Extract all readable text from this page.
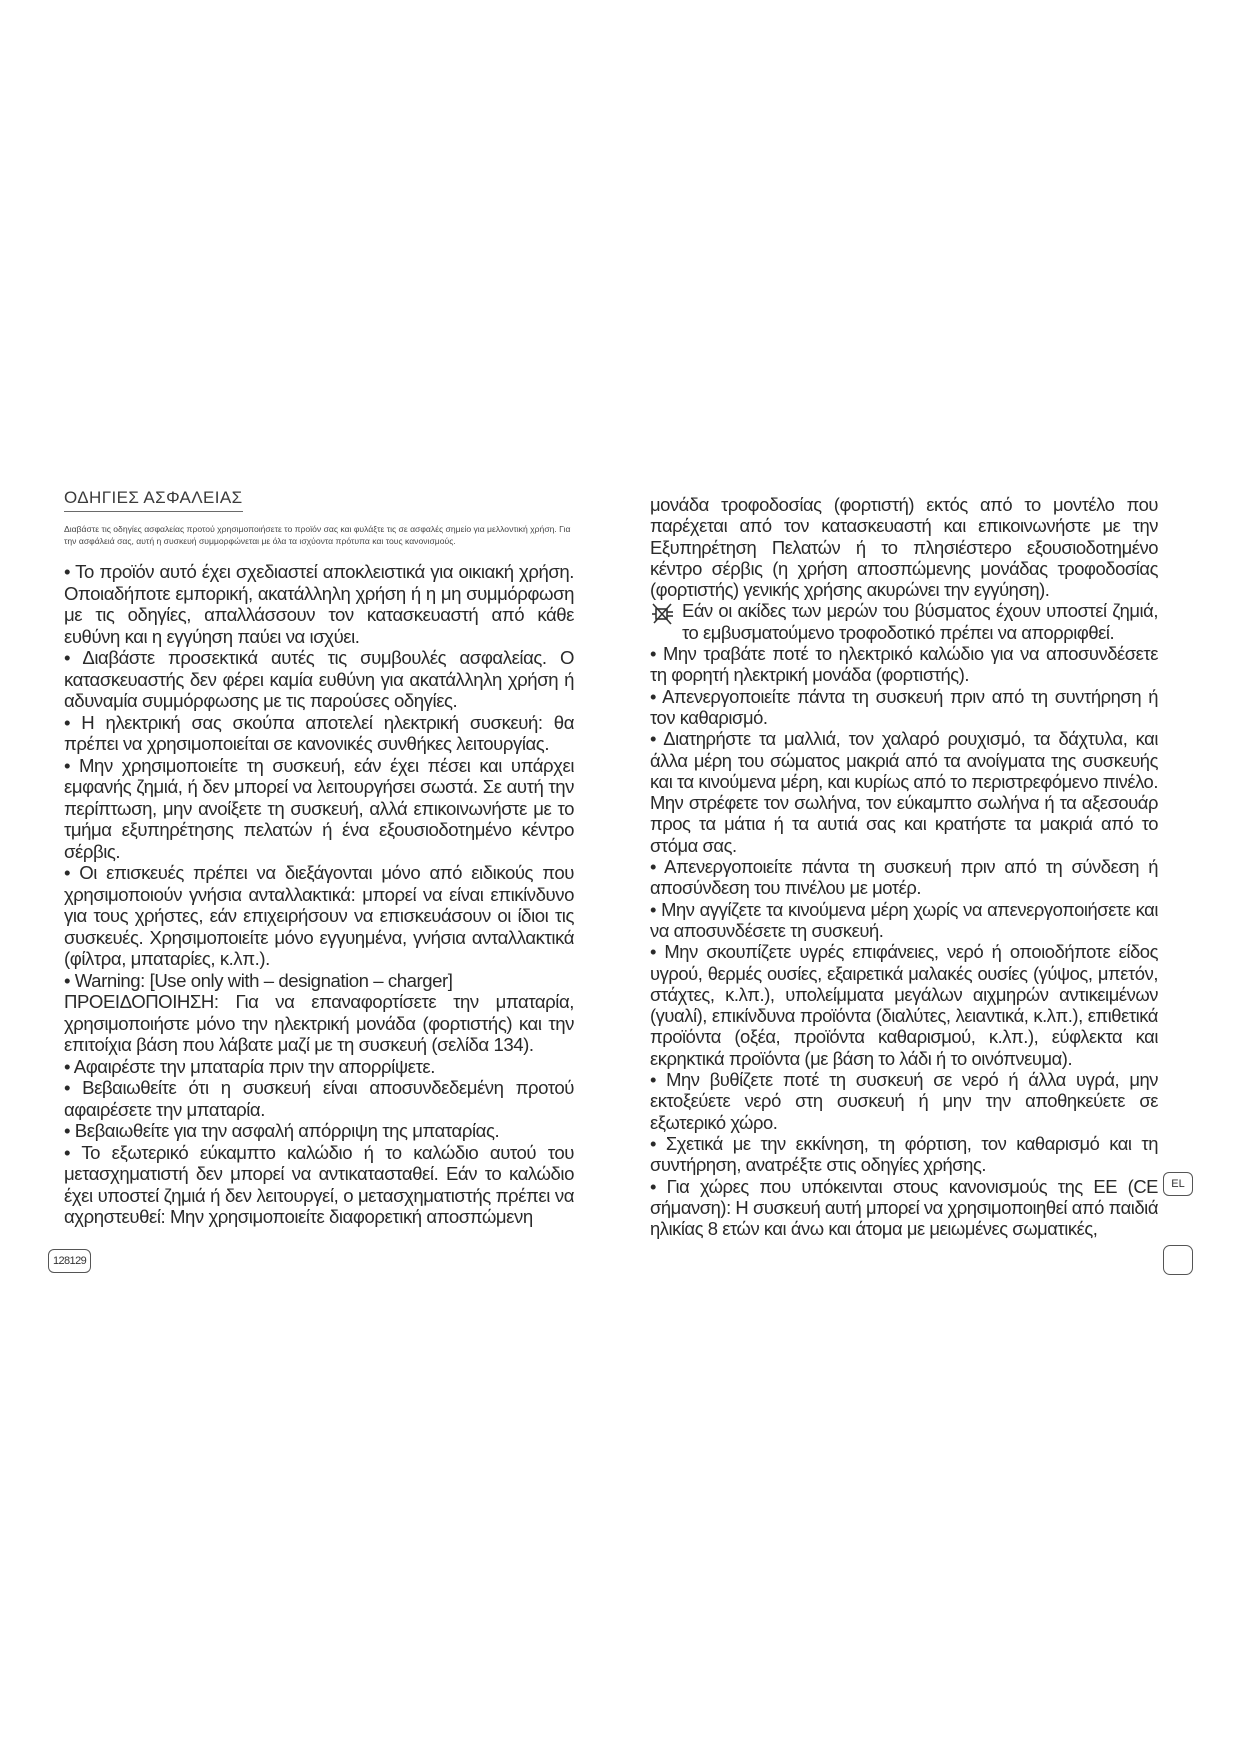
ΟΔΗΓΙΕΣ ΑΣΦΑΛΕΙΑΣ

Διαβάστε τις οδηγίες ασφαλείας προτού χρησιμοποιήσετε το προϊόν σας και φυλάξτε τις σε ασφαλές σημείο για μελλοντική χρήση. Για την ασφάλειά σας, αυτή η συσκευή συμμορφώνεται με όλα τα ισχύοντα πρότυπα και τους κανονισμούς.

• Το προϊόν αυτό έχει σχεδιαστεί αποκλειστικά για οικιακή χρήση. Οποιαδήποτε εμπορική, ακατάλληλη χρήση ή η μη συμμόρφωση με τις οδηγίες, απαλλάσσουν τον κατασκευαστή από κάθε ευθύνη και η εγγύηση παύει να ισχύει.

• Διαβάστε προσεκτικά αυτές τις συμβουλές ασφαλείας. Ο κατασκευαστής δεν φέρει καμία ευθύνη για ακατάλληλη χρήση ή αδυναμία συμμόρφωσης με τις παρούσες οδηγίες.

• Η ηλεκτρική σας σκούπα αποτελεί ηλεκτρική συσκευή: θα πρέπει να χρησιμοποιείται σε κανονικές συνθήκες λειτουργίας.

• Μην χρησιμοποιείτε τη συσκευή, εάν έχει πέσει και υπάρχει εμφανής ζημιά, ή δεν μπορεί να λειτουργήσει σωστά. Σε αυτή την περίπτωση, μην ανοίξετε τη συσκευή, αλλά επικοινωνήστε με το τμήμα εξυπηρέτησης πελατών ή ένα εξουσιοδοτημένο κέντρο σέρβις.

• Οι επισκευές πρέπει να διεξάγονται μόνο από ειδικούς που χρησιμοποιούν γνήσια ανταλλακτικά: μπορεί να είναι επικίνδυνο για τους χρήστες, εάν επιχειρήσουν να επισκευάσουν οι ίδιοι τις συσκευές. Χρησιμοποιείτε μόνο εγγυημένα, γνήσια ανταλλακτικά (φίλτρα, μπαταρίες, κ.λπ.).

• Warning: [Use only with – designation – charger]

ΠΡΟΕΙΔΟΠΟΙΗΣΗ: Για να επαναφορτίσετε την μπαταρία, χρησιμοποιήστε μόνο την ηλεκτρική μονάδα (φορτιστής) και την επιτοίχια βάση που λάβατε μαζί με τη συσκευή (σελίδα 134).

• Αφαιρέστε την μπαταρία πριν την απορρίψετε.

• Βεβαιωθείτε ότι η συσκευή είναι αποσυνδεδεμένη προτού αφαιρέσετε την μπαταρία.

• Βεβαιωθείτε για την ασφαλή απόρριψη της μπαταρίας.

• Το εξωτερικό εύκαμπτο καλώδιο ή το καλώδιο αυτού του μετασχηματιστή δεν μπορεί να αντικατασταθεί. Εάν το καλώδιο έχει υποστεί ζημιά ή δεν λειτουργεί, ο μετασχηματιστής πρέπει να αχρηστευθεί: Μην χρησιμοποιείτε διαφορετική αποσπώμενη

μονάδα τροφοδοσίας (φορτιστή) εκτός από το μοντέλο που παρέχεται από τον κατασκευαστή και επικοινωνήστε με την Εξυπηρέτηση Πελατών ή το πλησιέστερο εξουσιοδοτημένο κέντρο σέρβις (η χρήση αποσπώμενης μονάδας τροφοδοσίας (φορτιστής) γενικής χρήσης ακυρώνει την εγγύηση).

Εάν οι ακίδες των μερών του βύσματος έχουν υποστεί ζημιά, το εμβυσματούμενο τροφοδοτικό πρέπει να απορριφθεί.

• Μην τραβάτε ποτέ το ηλεκτρικό καλώδιο για να αποσυνδέσετε τη φορητή ηλεκτρική μονάδα (φορτιστής).

• Απενεργοποιείτε πάντα τη συσκευή πριν από τη συντήρηση ή τον καθαρισμό.

• Διατηρήστε τα μαλλιά, τον χαλαρό ρουχισμό, τα δάχτυλα, και άλλα μέρη του σώματος μακριά από τα ανοίγματα της συσκευής και τα κινούμενα μέρη, και κυρίως από το περιστρεφόμενο πινέλο. Μην στρέφετε τον σωλήνα, τον εύκαμπτο σωλήνα ή τα αξεσουάρ προς τα μάτια ή τα αυτιά σας και κρατήστε τα μακριά από το στόμα σας.

• Απενεργοποιείτε πάντα τη συσκευή πριν από τη σύνδεση ή αποσύνδεση του πινέλου με μοτέρ.

• Μην αγγίζετε τα κινούμενα μέρη χωρίς να απενεργοποιήσετε και να αποσυνδέσετε τη συσκευή.

• Μην σκουπίζετε υγρές επιφάνειες, νερό ή οποιοδήποτε είδος υγρού, θερμές ουσίες, εξαιρετικά μαλακές ουσίες (γύψος, μπετόν, στάχτες, κ.λπ.), υπολείμματα μεγάλων αιχμηρών αντικειμένων (γυαλί), επικίνδυνα προϊόντα (διαλύτες, λειαντικά, κ.λπ.), επιθετικά προϊόντα (οξέα, προϊόντα καθαρισμού, κ.λπ.), εύφλεκτα και εκρηκτικά προϊόντα (με βάση το λάδι ή το οινόπνευμα).

• Μην βυθίζετε ποτέ τη συσκευή σε νερό ή άλλα υγρά, μην εκτοξεύετε νερό στη συσκευή ή μην την αποθηκεύετε σε εξωτερικό χώρο.

• Σχετικά με την εκκίνηση, τη φόρτιση, τον καθαρισμό και τη συντήρηση, ανατρέξτε στις οδηγίες χρήσης.

• Για χώρες που υπόκεινται στους κανονισμούς της ΕΕ (CE σήμανση): Η συσκευή αυτή μπορεί να χρησιμοποιηθεί από παιδιά ηλικίας 8 ετών και άνω και άτομα με μειωμένες σωματικές,

128129
EL
